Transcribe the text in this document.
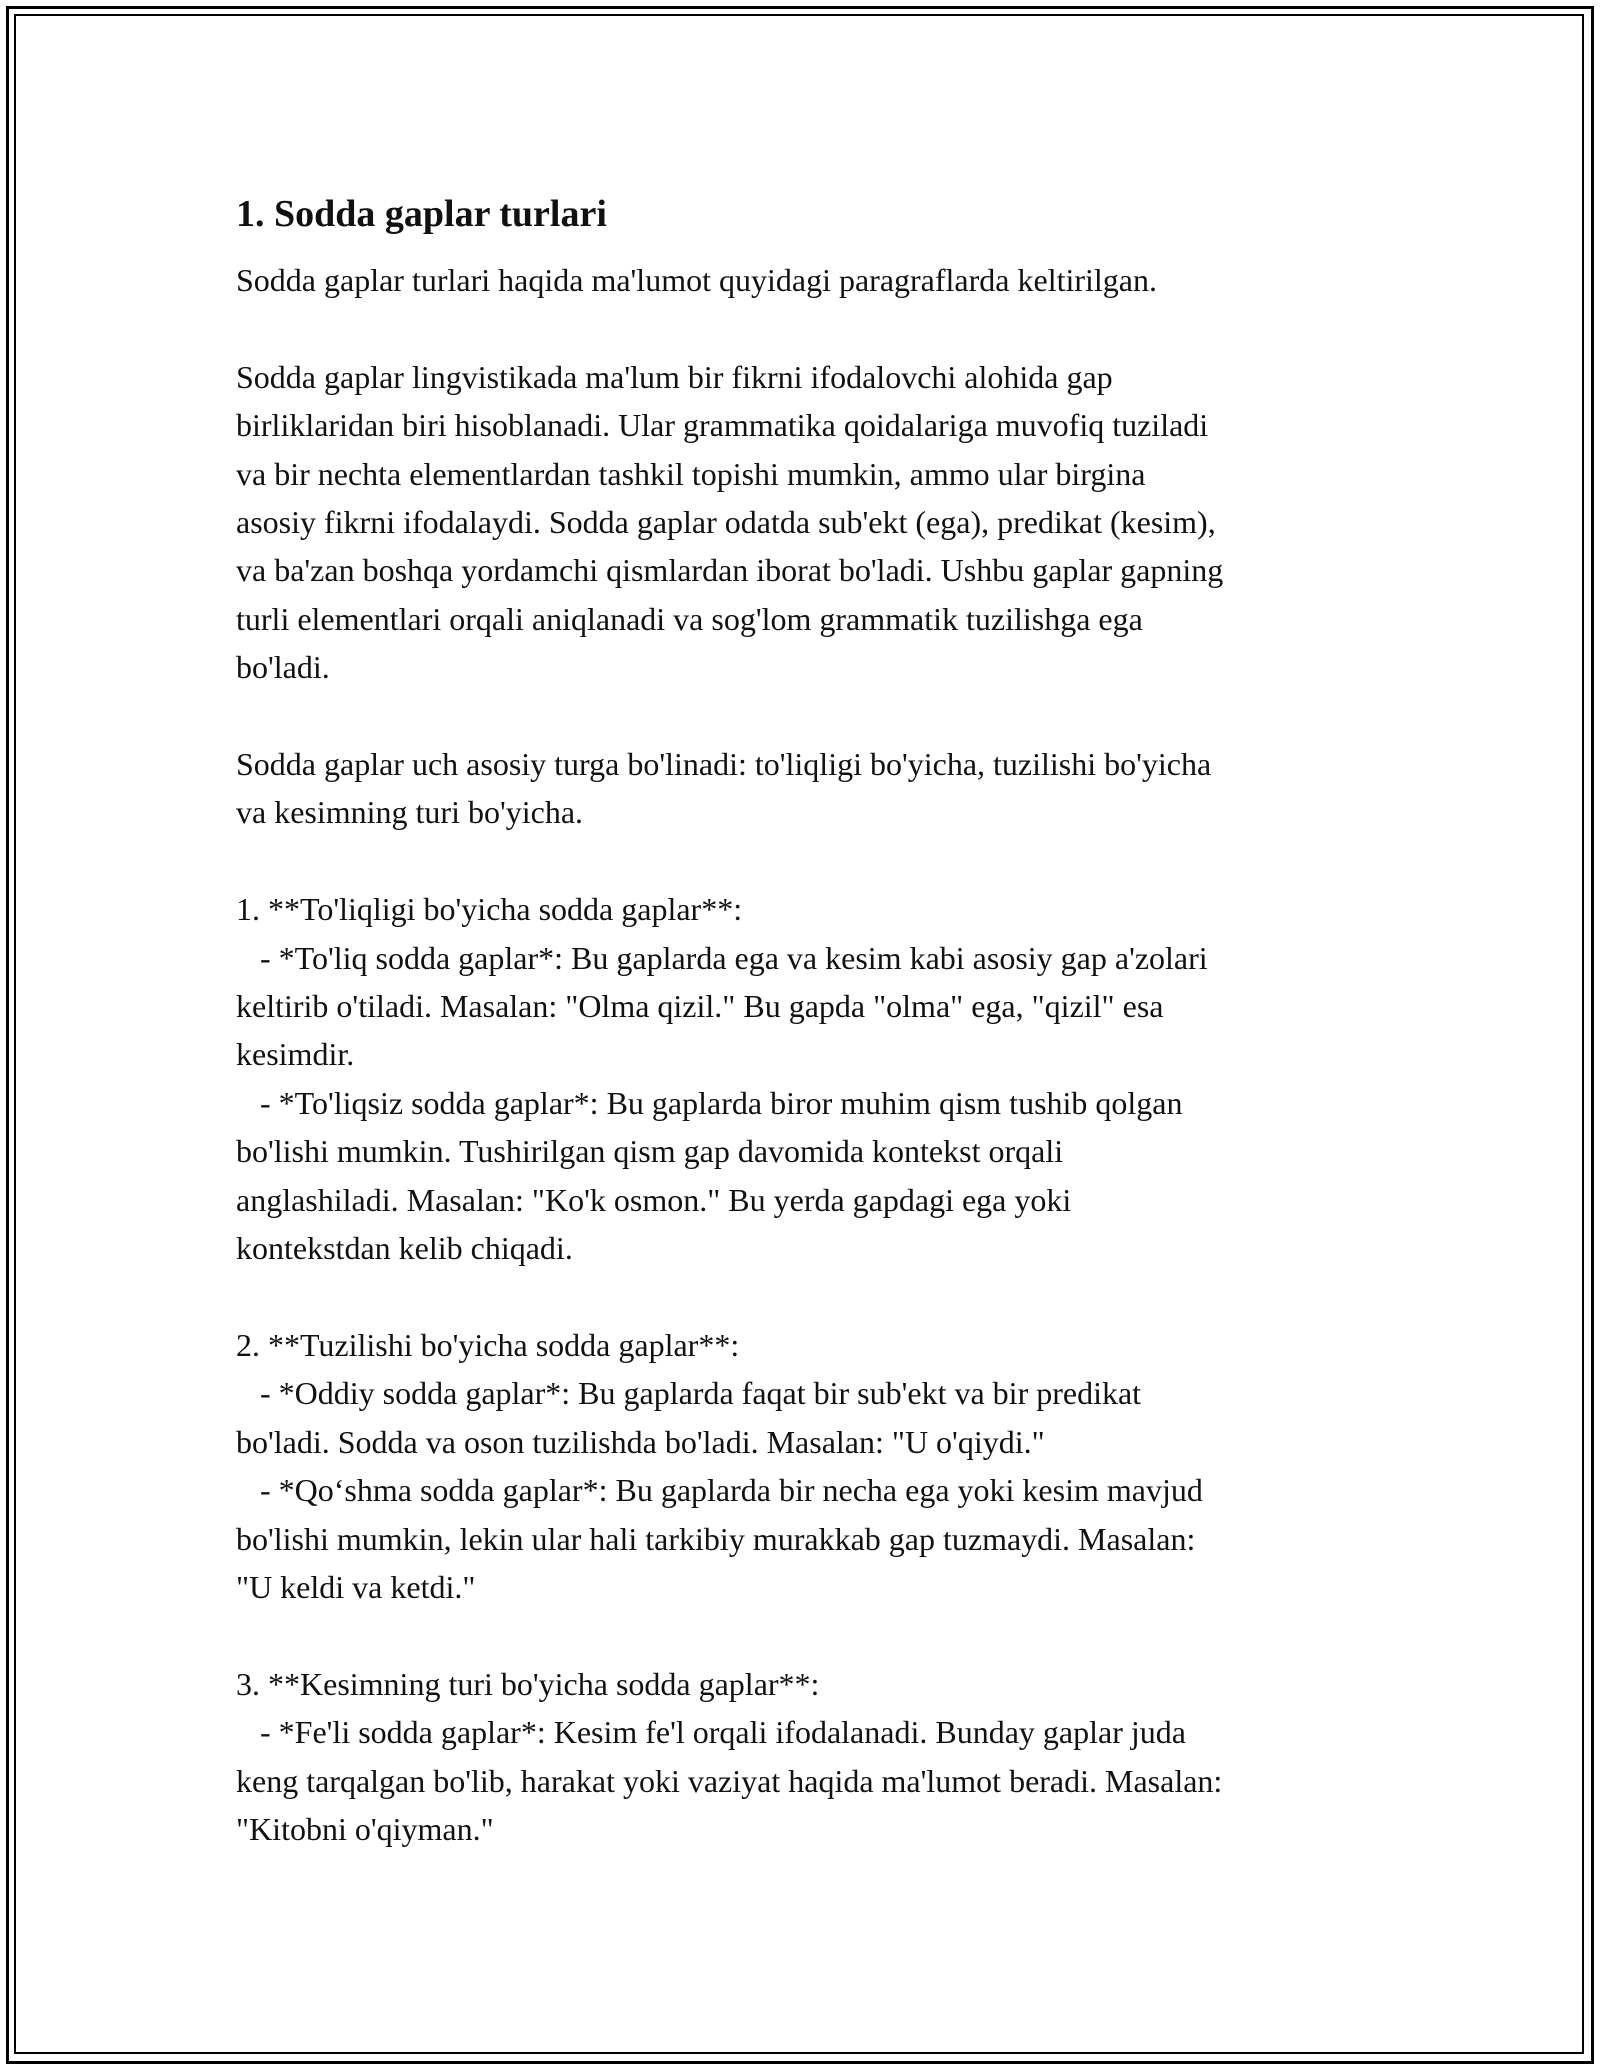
1. Sodda gaplar turlari

Sodda gaplar turlari haqida ma'lumot quyidagi paragraflarda keltirilgan.

Sodda gaplar lingvistikada ma'lum bir fikrni ifodalovchi alohida gap
birliklaridan biri hisoblanadi. Ular grammatika qoidalariga muvofiq tuziladi
va bir nechta elementlardan tashkil topishi mumkin, ammo ular birgina
asosiy fikrni ifodalaydi. Sodda gaplar odatda sub'ekt (ega), predikat (kesim),
va ba'zan boshqa yordamchi qismlardan iborat bo'ladi. Ushbu gaplar gapning
turli elementlari orqali aniqlanadi va sog'lom grammatik tuzilishga ega
bo'ladi.

Sodda gaplar uch asosiy turga bo'linadi: to'liqligi bo'yicha, tuzilishi bo'yicha
va kesimning turi bo'yicha.

1. **To'liqligi bo'yicha sodda gaplar**:
- *To'liq sodda gaplar*: Bu gaplarda ega va kesim kabi asosiy gap a'zolari
keltirib o'tiladi. Masalan: "Olma qizil." Bu gapda "olma" ega, "qizil" esa
kesimdir.
- *To'liqsiz sodda gaplar*: Bu gaplarda biror muhim qism tushib qolgan
bo'lishi mumkin. Tushirilgan qism gap davomida kontekst orqali
anglashiladi. Masalan: "Ko'k osmon." Bu yerda gapdagi ega yoki
kontekstdan kelib chiqadi.

2. **Tuzilishi bo'yicha sodda gaplar**:
- *Oddiy sodda gaplar*: Bu gaplarda faqat bir sub'ekt va bir predikat
bo'ladi. Sodda va oson tuzilishda bo'ladi. Masalan: "U o'qiydi."
- *Qo‘shma sodda gaplar*: Bu gaplarda bir necha ega yoki kesim mavjud
bo'lishi mumkin, lekin ular hali tarkibiy murakkab gap tuzmaydi. Masalan:
"U keldi va ketdi."

3. **Kesimning turi bo'yicha sodda gaplar**:
- *Fe'li sodda gaplar*: Kesim fe'l orqali ifodalanadi. Bunday gaplar juda
keng tarqalgan bo'lib, harakat yoki vaziyat haqida ma'lumot beradi. Masalan:
"Kitobni o'qiyman."
